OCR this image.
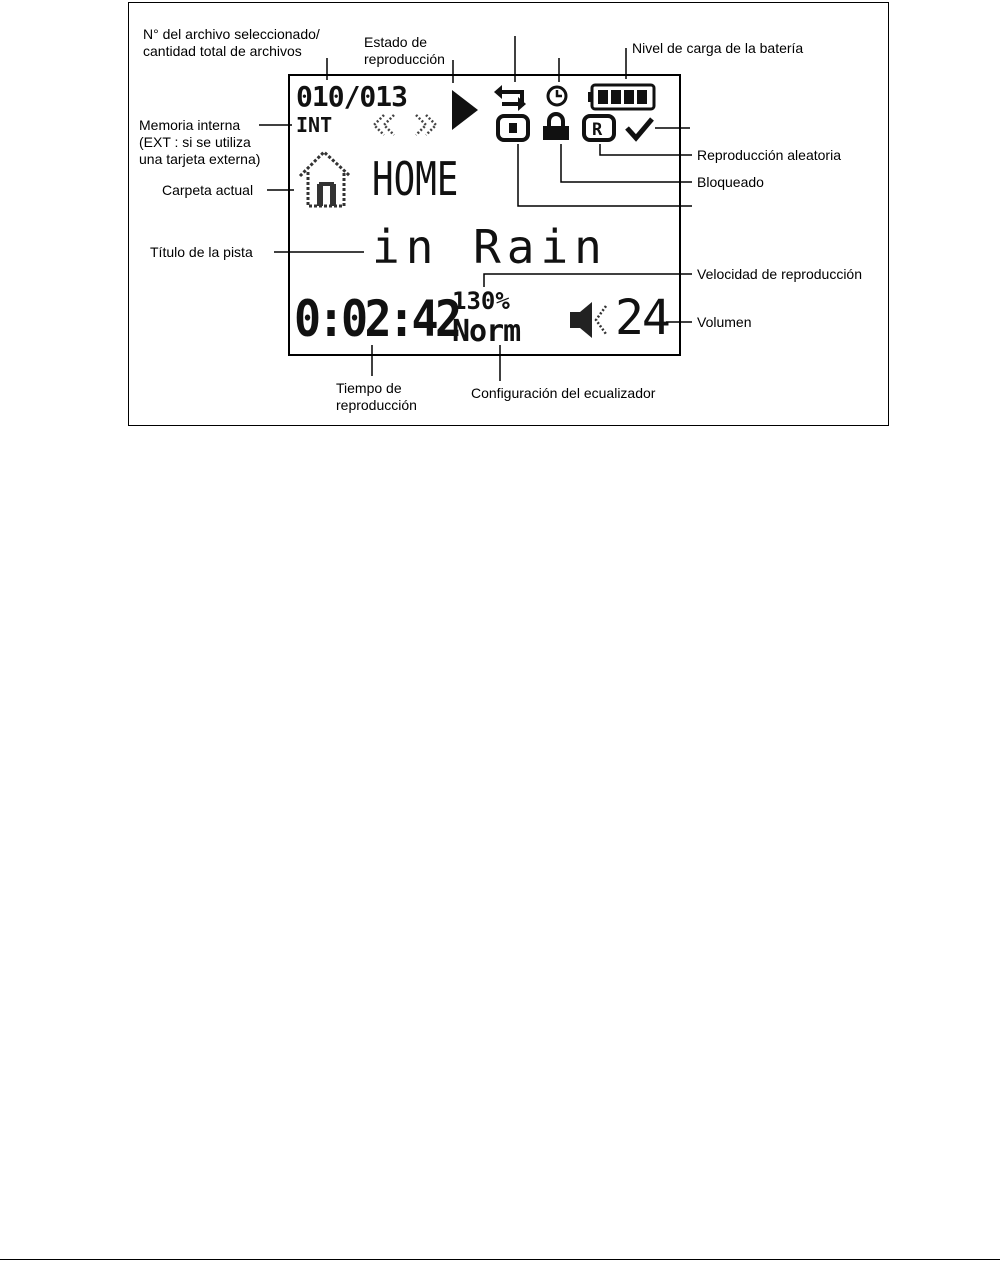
010/013
INT
HOME
in Rain
0:02:42
130%
Norm 24
R
N° del archivo seleccionado/
cantidad total de archivos
Estado de
reproducción
Nivel de carga de la batería
Memoria interna
(EXT : si se utiliza
una tarjeta externa)	Reproducción aleatoria
Bloqueado
Carpeta actual
Título de la pista
Velocidad de reproducción
Volumen
Tiempo de
reproducción
Configuración del ecualizador
